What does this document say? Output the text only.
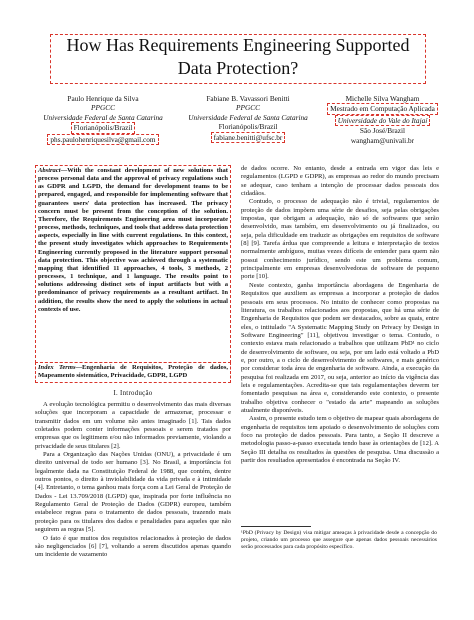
How Has Requirements Engineering Supported
Data Protection?
Paulo Henrique da Silva
PPGCC
Universidade Federal de Santa Catarina
Florianópolis/Brazil
phs.paulohenriquesilva@gmail.com
Fabiane B. Vavassori Benitti
PPGCC
Universidade Federal de Santa Catarina
Florianópolis/Brazil
fabiane.benitti@ufsc.br
Michelle Silva Wangham
Mestrado em Computação Aplicada
Universidade do Vale do Itajaí
São José/Brazil
wangham@univali.br
Abstract—With the constant development of new solutions that process personal data and the approval of privacy regulations such as GDPR and LGPD, the demand for development teams to be prepared, engaged, and responsible for implementing software that guarantees users' data protection has increased. The privacy concern must be present from the conception of the solution. Therefore, the Requirements Engineering area must incorporate process, methods, techniques, and tools that address data protection aspects, especially in line with current regulations. In this context, the present study investigates which approaches to Requirements Engineering currently proposed in the literature support personal data protection. This objective was achieved through a systematic mapping that identified 11 approaches, 4 tools, 3 methods, 2 processes, 1 technique, and 1 language. The results point to solutions addressing distinct sets of input artifacts but with a predominance of privacy requirements as a resultant artifact. In addition, the results show the need to apply the solutions in actual contexts of use.
Index Terms—Engenharia de Requisitos, Proteção de dados, Mapeamento sistemático, Privacidade, GDPR, LGPD
I. Introdução

A evolução tecnológica permitiu o desenvolvimento das mais diversas soluções que incorporam a capacidade de armazenar, processar e transmitir dados em um volume não antes imaginado [1]. Tais dados coletados podem conter informações pessoais e serem tratados por empresas que os legitimem e/ou não informados previamente, violando a privacidade de seus titulares [2].

Para a Organização das Nações Unidas (ONU), a privacidade é um direito universal de todo ser humano [3]. No Brasil, a importância foi legalmente dada na Constituição Federal de 1988, que contém, dentre outros pontos, o direito à inviolabilidade da vida privada e à intimidade [4]. Entretanto, o tema ganhou mais força com a Lei Geral de Proteção de Dados - Lei 13.709/2018 (LGPD) que, inspirada por forte influência no Regulamento Geral de Proteção de Dados (GDPR) europeu, também estabelece regras para o tratamento de dados pessoais, trazendo mais proteção para os titulares dos dados e penalidades para aqueles que não seguirem as regras [5].

O fato é que muitos dos requisitos relacionados à proteção de dados são negligenciados [6] [7], voltando a serem discutidos apenas quando um incidente de vazamento

de dados ocorre. No entanto, desde a entrada em vigor das leis e regulamentos (LGPD e GDPR), as empresas ao redor do mundo precisam se adequar, caso tenham a intenção de processar dados pessoais dos cidadãos.

Contudo, o processo de adequação não é trivial, regulamentos de proteção de dados impõem uma série de desafios, seja pelas obrigações impostas, que obrigam a adequação, não só de softwares que serão desenvolvido, mas também, em desenvolvimento ou já finalizados, ou seja, pela dificuldade em traduzir as obrigações em requisitos de software [8] [9]. Tarefa árdua que compreende a leitura e interpretação de textos normalmente ambíguos, muitas vezes difíceis de entender para quem não possui conhecimento jurídico, sendo este um problema comum, principalmente em empresas desenvolvedoras de software de pequeno porte [10].

Neste contexto, ganha importância abordagens de Engenharia de Requisitos que auxiliem as empresas a incorporar a proteção de dados pessoais em seus processos. No intuito de conhecer como propostas na literatura, os trabalhos relacionados aos propostas, que há uma série de Engenharia de Requisitos que podem ser destacados, sobre as quais, entre eles, o intitulado "A Systematic Mapping Study on Privacy by Design in Software Engineering" [11], objetivou investigar o tema. Contudo, o contexto estava mais relacionado a trabalhos que utilizam PbD¹ no ciclo de desenvolvimento de software, ou seja, por um lado está voltado a PbD e, por outro, a o ciclo de desenvolvimento de softwares, e mais genérico por considerar toda área de engenharia de software. Ainda, a execução da pesquisa foi realizada em 2017, ou seja, anterior ao início da vigência das leis e regulamentações. Acredita-se que tais regulamentações deverm ter fomentado pesquisas na área e, considerando este contexto, o presente trabalho objetiva conhecer o "estado da arte" mapeando as soluções atualmente disponíveis.

Assim, o presente estudo tem o objetivo de mapear quais abordagens de engenharia de requisitos tem apoiado o desenvolvimento de soluções com foco na proteção de dados pessoais. Para tanto, a Seção II descreve a metodologia passo-a-passo executada tendo base às orientações de [12]. A Seção III detalha os resultados às questões de pesquisa. Uma discussão a partir dos resultados apresentados é encontrada na Seção IV.

¹PbD (Privacy by Design) visa mitigar ameaças à privacidade desde a concepção do projeto, criando um processo que assegure que apenas dados pessoais necessários serão processados para cada propósito específico.
